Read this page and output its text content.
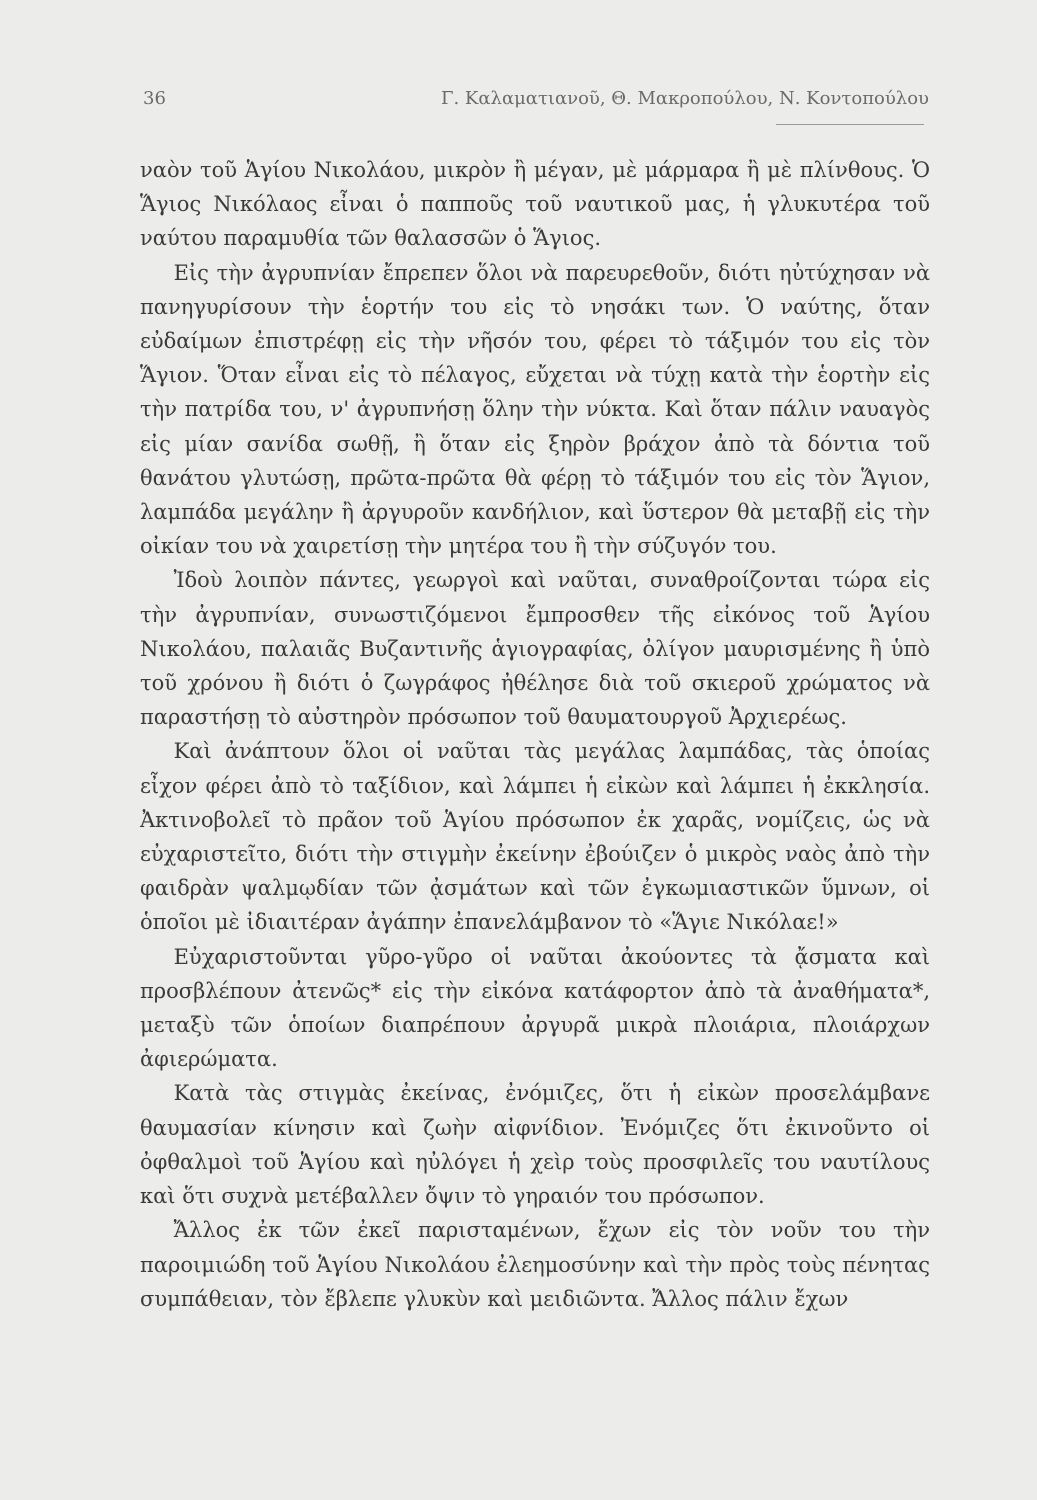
36	Γ. Καλαματιανοῦ, Θ. Μακροπούλου, Ν. Κοντοπούλου

ναὸν τοῦ Ἁγίου Νικολάου, μικρὸν ἢ μέγαν, μὲ μάρμαρα ἢ μὲ πλίνθους. Ὁ Ἅγιος Νικόλαος εἶναι ὁ παπποῦς τοῦ ναυτικοῦ μας, ἡ γλυκυτέρα τοῦ ναύτου παραμυθία τῶν θαλασσῶν ὁ Ἅγιος.

Εἰς τὴν ἀγρυπνίαν ἔπρεπεν ὅλοι νὰ παρευρεθοῦν, διότι ηὐτύχησαν νὰ πανηγυρίσουν τὴν ἑορτήν του εἰς τὸ νησάκι των. Ὁ ναύτης, ὅταν εὐδαίμων ἐπιστρέφῃ εἰς τὴν νῆσόν του, φέρει τὸ τάξιμόν του εἰς τὸν Ἅγιον. Ὅταν εἶναι εἰς τὸ πέλαγος, εὔχεται νὰ τύχῃ κατὰ τὴν ἑορτὴν εἰς τὴν πατρίδα του, ν' ἀγρυπνήσῃ ὅλην τὴν νύκτα. Καὶ ὅταν πάλιν ναυαγὸς εἰς μίαν σανίδα σωθῇ, ἢ ὅταν εἰς ξηρὸν βράχον ἀπὸ τὰ δόντια τοῦ θανάτου γλυτώσῃ, πρῶτα-πρῶτα θὰ φέρῃ τὸ τάξιμόν του εἰς τὸν Ἅγιον, λαμπάδα μεγάλην ἢ ἀργυροῦν κανδήλιον, καὶ ὕστερον θὰ μεταβῇ εἰς τὴν οἰκίαν του νὰ χαιρετίσῃ τὴν μητέρα του ἢ τὴν σύζυγόν του.

Ἰδοὺ λοιπὸν πάντες, γεωργοὶ καὶ ναῦται, συναθροίζονται τώρα εἰς τὴν ἀγρυπνίαν, συνωστιζόμενοι ἔμπροσθεν τῆς εἰκόνος τοῦ Ἁγίου Νικολάου, παλαιᾶς Βυζαντινῆς ἁγιογραφίας, ὀλίγον μαυρισμένης ἢ ὑπὸ τοῦ χρόνου ἢ διότι ὁ ζωγράφος ἠθέλησε διὰ τοῦ σκιεροῦ χρώματος νὰ παραστήσῃ τὸ αὐστηρὸν πρόσωπον τοῦ θαυματουργοῦ Ἀρχιερέως.

Καὶ ἀνάπτουν ὅλοι οἱ ναῦται τὰς μεγάλας λαμπάδας, τὰς ὁποίας εἶχον φέρει ἀπὸ τὸ ταξίδιον, καὶ λάμπει ἡ εἰκὼν καὶ λάμπει ἡ ἐκκλησία. Ἀκτινοβολεῖ τὸ πρᾶον τοῦ Ἁγίου πρόσωπον ἐκ χαρᾶς, νομίζεις, ὡς νὰ εὐχαριστεῖτο, διότι τὴν στιγμὴν ἐκείνην ἐβούιζεν ὁ μικρὸς ναὸς ἀπὸ τὴν φαιδρὰν ψαλμῳδίαν τῶν ᾀσμάτων καὶ τῶν ἐγκωμιαστικῶν ὕμνων, οἱ ὁποῖοι μὲ ἰδιαιτέραν ἀγάπην ἐπανελάμβανον τὸ «Ἅγιε Νικόλαε!»

Εὐχαριστοῦνται γῦρο-γῦρο οἱ ναῦται ἀκούοντες τὰ ᾄσματα καὶ προσβλέπουν ἀτενῶς* εἰς τὴν εἰκόνα κατάφορτον ἀπὸ τὰ ἀναθήματα*, μεταξὺ τῶν ὁποίων διαπρέπουν ἀργυρᾶ μικρὰ πλοιάρια, πλοιάρχων ἀφιερώματα.

Κατὰ τὰς στιγμὰς ἐκείνας, ἐνόμιζες, ὅτι ἡ εἰκὼν προσελάμβανε θαυμασίαν κίνησιν καὶ ζωὴν αἰφνίδιον. Ἐνόμιζες ὅτι ἐκινοῦντο οἱ ὀφθαλμοὶ τοῦ Ἁγίου καὶ ηὐλόγει ἡ χεὶρ τοὺς προσφιλεῖς του ναυτίλους καὶ ὅτι συχνὰ μετέβαλλεν ὄψιν τὸ γηραιόν του πρόσωπον.

Ἄλλος ἐκ τῶν ἐκεῖ παρισταμένων, ἔχων εἰς τὸν νοῦν του τὴν παροιμιώδη τοῦ Ἁγίου Νικολάου ἐλεημοσύνην καὶ τὴν πρὸς τοὺς πένητας συμπάθειαν, τὸν ἔβλεπε γλυκὺν καὶ μειδιῶντα. Ἄλλος πάλιν ἔχων
